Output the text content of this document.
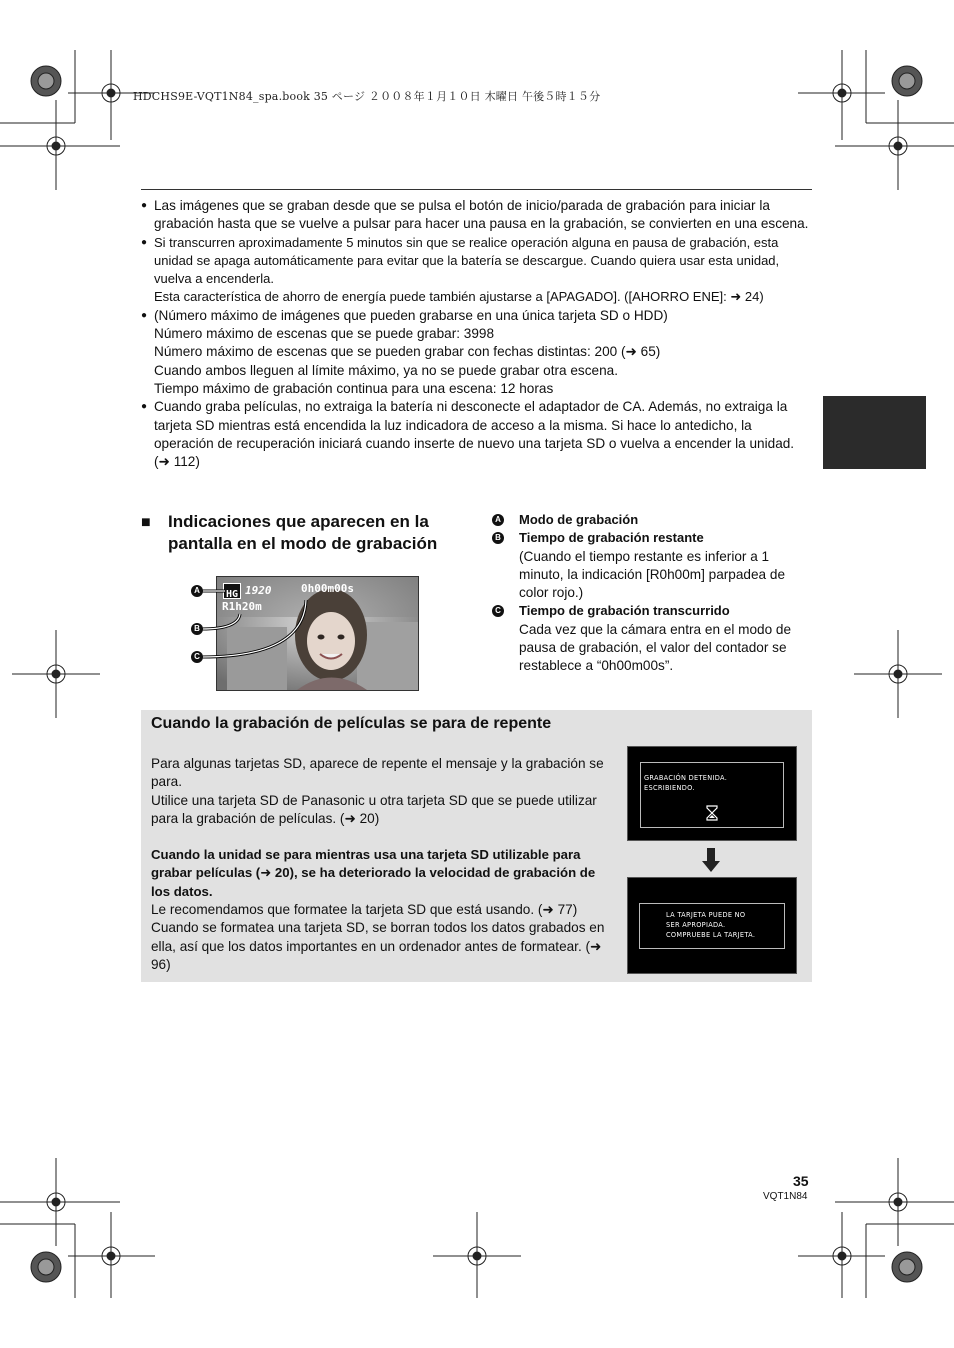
HDCHS9E-VQT1N84_spa.book 35 ページ ２００８年１月１０日 木曜日 午後５時１５分
● Las imágenes que se graban desde que se pulsa el botón de inicio/parada de grabación para iniciar la grabación hasta que se vuelve a pulsar para hacer una pausa en la grabación, se convierten en una escena.

● Si transcurren aproximadamente 5 minutos sin que se realice operación alguna en pausa de grabación, esta unidad se apaga automáticamente para evitar que la batería se descargue. Cuando quiera usar esta unidad, vuelva a encenderla.

Esta característica de ahorro de energía puede también ajustarse a [APAGADO]. ([AHORRO ENE]: ➜ 24)

● (Número máximo de imágenes que pueden grabarse en una única tarjeta SD o HDD)

Número máximo de escenas que se puede grabar: 3998

Número máximo de escenas que se pueden grabar con fechas distintas: 200 (➜ 65)

Cuando ambos lleguen al límite máximo, ya no se puede grabar otra escena.

Tiempo máximo de grabación continua para una escena: 12 horas

● Cuando graba películas, no extraiga la batería ni desconecte el adaptador de CA. Además, no extraiga la tarjeta SD mientras está encendida la luz indicadora de acceso a la misma. Si hace lo antedicho, la operación de recuperación iniciará cuando inserte de nuevo una tarjeta SD o vuelva a encender la unidad. (➜ 112)

■ Indicaciones que aparecen en la pantalla en el modo de grabación
HG 1920
R1h20m
0h00m00s
A
B
C
A Modo de grabación

B Tiempo de grabación restante

(Cuando el tiempo restante es inferior a 1 minuto, la indicación [R0h00m] parpadea de color rojo.)

C Tiempo de grabación transcurrido

Cada vez que la cámara entra en el modo de pausa de grabación, el valor del contador se restablece a “0h00m00s”.

Cuando la grabación de películas se para de repente

Para algunas tarjetas SD, aparece de repente el mensaje y la grabación se para.

Utilice una tarjeta SD de Panasonic u otra tarjeta SD que se puede utilizar para la grabación de películas. (➜ 20)

Cuando la unidad se para mientras usa una tarjeta SD utilizable para grabar películas (➜ 20), se ha deteriorado la velocidad de grabación de los datos.

Le recomendamos que formatee la tarjeta SD que está usando. (➜ 77) Cuando se formatea una tarjeta SD, se borran todos los datos grabados en ella, así que los datos importantes en un ordenador antes de formatear. (➜ 96)

GRABACIÓN DETENIDA.
ESCRIBIENDO.
LA TARJETA PUEDE NO
SER APROPIADA.
COMPRUEBE LA TARJETA.
35
VQT1N84
